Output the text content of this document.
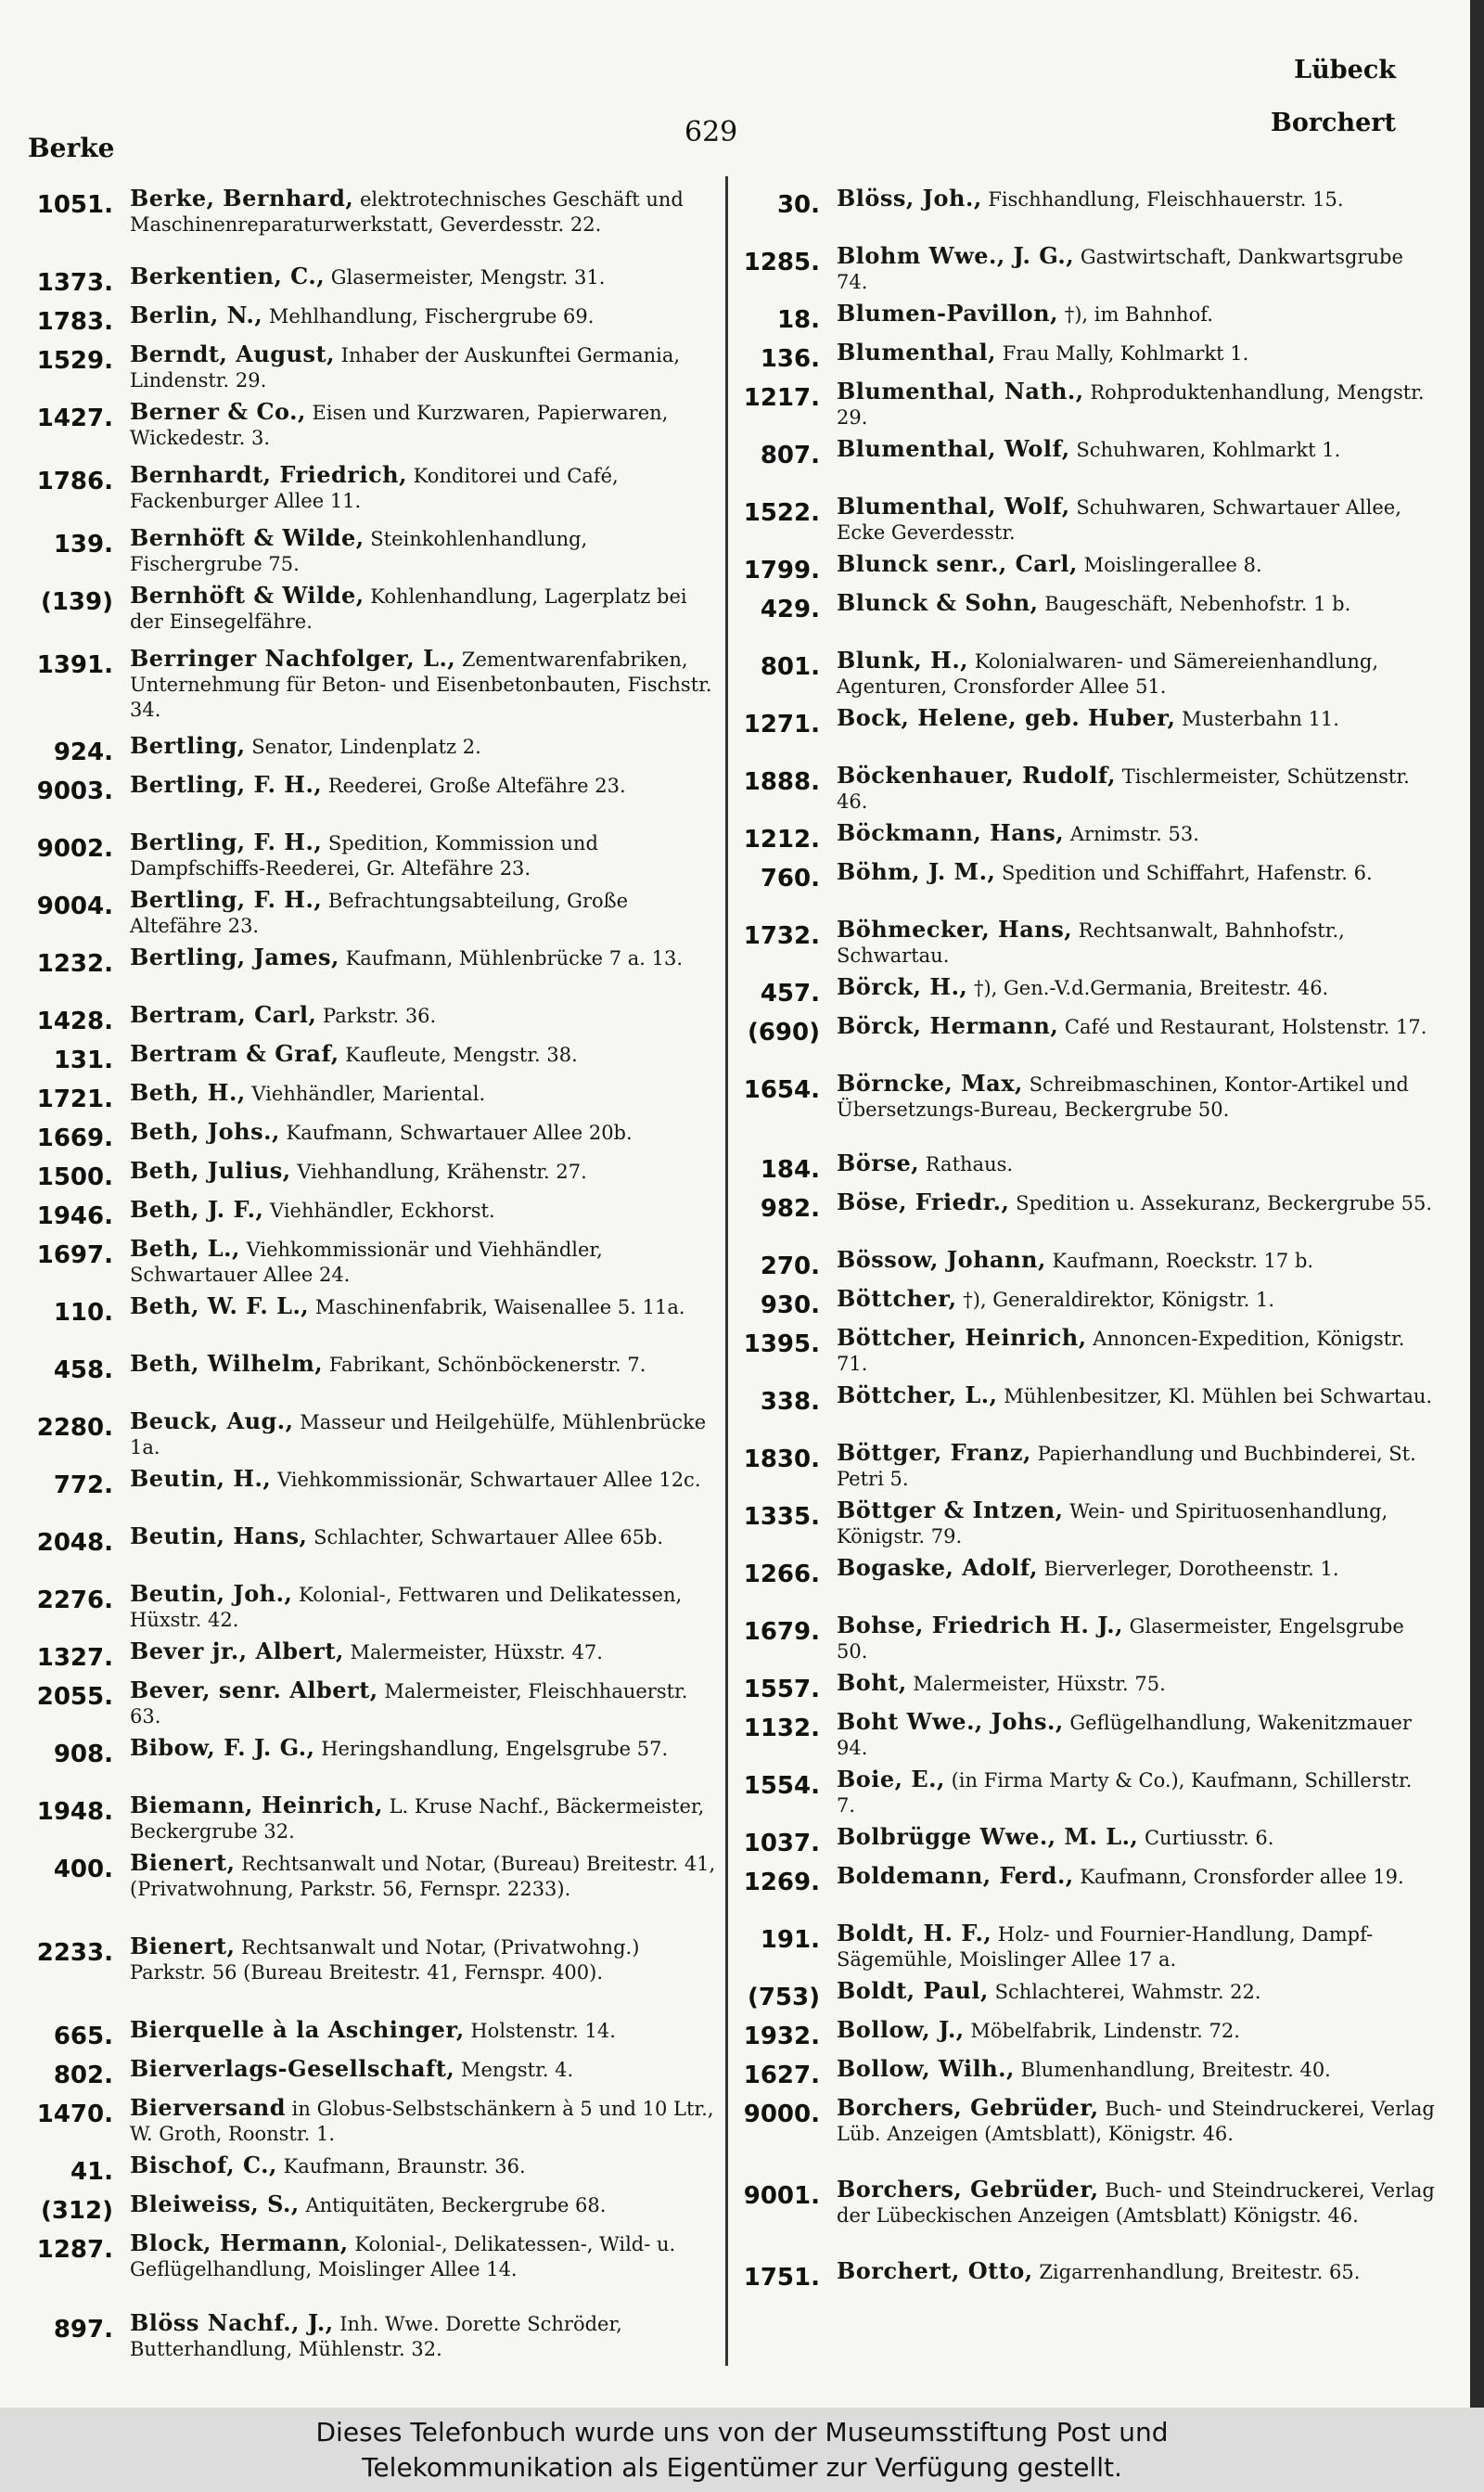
Berke	629
Lübeck
Borchert
1051. Berke, Bernhard, elektrotechnisches Geschäft und Maschinenreparaturwerkstatt, Geverdesstr. 22.
1373. Berkentien, C., Glasermeister, Mengstr. 31.
1783. Berlin, N., Mehlhandlung, Fischergrube 69.
1529. Berndt, August, Inhaber der Auskunftei Germania, Lindenstr. 29.
1427. Berner & Co., Eisen und Kurzwaren, Papierwaren, Wickedestr. 3.
1786. Bernhardt, Friedrich, Konditorei und Café, Fackenburger Allee 11.
139. Bernhöft & Wilde, Steinkohlenhandlung, Fischergrube 75.
(139) Bernhöft & Wilde, Kohlenhandlung, Lagerplatz bei der Einsegelfähre.
1391. Berringer Nachfolger, L., Zementwarenfabriken, Unternehmung für Beton- und Eisenbetonbauten, Fischstr. 34.
924. Bertling, Senator, Lindenplatz 2.
9003. Bertling, F. H., Reederei, Große Altefähre 23.
9002. Bertling, F. H., Spedition, Kommission und Dampfschiffs-Reederei, Gr. Altefähre 23.
9004. Bertling, F. H., Befrachtungsabteilung, Große Altefähre 23.
1232. Bertling, James, Kaufmann, Mühlenbrücke 7 a. 13.
1428. Bertram, Carl, Parkstr. 36.
131. Bertram & Graf, Kaufleute, Mengstr. 38.
1721. Beth, H., Viehhändler, Mariental.
1669. Beth, Johs., Kaufmann, Schwartauer Allee 20b.
1500. Beth, Julius, Viehhandlung, Krähenstr. 27.
1946. Beth, J. F., Viehhändler, Eckhorst.
1697. Beth, L., Viehkommissionär und Viehhändler, Schwartauer Allee 24.
110. Beth, W. F. L., Maschinenfabrik, Waisenallee 5. 11a.
458. Beth, Wilhelm, Fabrikant, Schönböckenerstr. 7.
2280. Beuck, Aug., Masseur und Heilgehülfe, Mühlenbrücke 1a.
772. Beutin, H., Viehkommissionär, Schwartauer Allee 12c.
2048. Beutin, Hans, Schlachter, Schwartauer Allee 65b.
2276. Beutin, Joh., Kolonial-, Fettwaren und Delikatessen, Hüxstr. 42.
1327. Bever jr., Albert, Malermeister, Hüxstr. 47.
2055. Bever, senr. Albert, Malermeister, Fleischhauerstr. 63.
908. Bibow, F. J. G., Heringshandlung, Engelsgrube 57.
1948. Biemann, Heinrich, L. Kruse Nachf., Bäckermeister, Beckergrube 32.
400. Bienert, Rechtsanwalt und Notar, (Bureau) Breitestr. 41, (Privatwohnung, Parkstr. 56, Fernspr. 2233).
2233. Bienert, Rechtsanwalt und Notar, (Privatwohng.) Parkstr. 56 (Bureau Breitestr. 41, Fernspr. 400).
665. Bierquelle à la Aschinger, Holstenstr. 14.
802. Bierverlags-Gesellschaft, Mengstr. 4.
1470. Bierversand in Globus-Selbstschänkern à 5 und 10 Ltr., W. Groth, Roonstr. 1.
41. Bischof, C., Kaufmann, Braunstr. 36.
(312) Bleiweiss, S., Antiquitäten, Beckergrube 68.
1287. Block, Hermann, Kolonial-, Delikatessen-, Wild- u. Geflügelhandlung, Moislinger Allee 14.
897. Blöss Nachf., J., Inh. Wwe. Dorette Schröder, Butterhandlung, Mühlenstr. 32.
30. Blöss, Joh., Fischhandlung, Fleischhauerstr. 15.
1285. Blohm Wwe., J. G., Gastwirtschaft, Dankwartsgrube 74.
18. Blumen-Pavillon, †), im Bahnhof.
136. Blumenthal, Frau Mally, Kohlmarkt 1.
1217. Blumenthal, Nath., Rohproduktenhandlung, Mengstr. 29.
807. Blumenthal, Wolf, Schuhwaren, Kohlmarkt 1.
1522. Blumenthal, Wolf, Schuhwaren, Schwartauer Allee, Ecke Geverdesstr.
1799. Blunck senr., Carl, Moislingerallee 8.
429. Blunck & Sohn, Baugeschäft, Nebenhofstr. 1 b.
801. Blunk, H., Kolonialwaren- und Sämereienhandlung, Agenturen, Cronsforder Allee 51.
1271. Bock, Helene, geb. Huber, Musterbahn 11.
1888. Böckenhauer, Rudolf, Tischlermeister, Schützenstr. 46.
1212. Böckmann, Hans, Arnimstr. 53.
760. Böhm, J. M., Spedition und Schiffahrt, Hafenstr. 6.
1732. Böhmecker, Hans, Rechtsanwalt, Bahnhofstr., Schwartau.
457. Börck, H., †), Gen.-V.d.Germania, Breitestr. 46.
(690) Börck, Hermann, Café und Restaurant, Holstenstr. 17.
1654. Börncke, Max, Schreibmaschinen, Kontor-Artikel und Übersetzungs-Bureau, Beckergrube 50.
184. Börse, Rathaus.
982. Böse, Friedr., Spedition u. Assekuranz, Beckergrube 55.
270. Bössow, Johann, Kaufmann, Roeckstr. 17 b.
930. Böttcher, †), Generaldirektor, Königstr. 1.
1395. Böttcher, Heinrich, Annoncen-Expedition, Königstr. 71.
338. Böttcher, L., Mühlenbesitzer, Kl. Mühlen bei Schwartau.
1830. Böttger, Franz, Papierhandlung und Buchbinderei, St. Petri 5.
1335. Böttger & Intzen, Wein- und Spirituosenhandlung, Königstr. 79.
1266. Bogaske, Adolf, Bierverleger, Dorotheenstr. 1.
1679. Bohse, Friedrich H. J., Glasermeister, Engelsgrube 50.
1557. Boht, Malermeister, Hüxstr. 75.
1132. Boht Wwe., Johs., Geflügelhandlung, Wakenitzmauer 94.
1554. Boie, E., (in Firma Marty & Co.), Kaufmann, Schillerstr. 7.
1037. Bolbrügge Wwe., M. L., Curtiusstr. 6.
1269. Boldemann, Ferd., Kaufmann, Cronsforder allee 19.
191. Boldt, H. F., Holz- und Fournier-Handlung, Dampf-Sägemühle, Moislinger Allee 17 a.
(753) Boldt, Paul, Schlachterei, Wahmstr. 22.
1932. Bollow, J., Möbelfabrik, Lindenstr. 72.
1627. Bollow, Wilh., Blumenhandlung, Breitestr. 40.
9000. Borchers, Gebrüder, Buch- und Steindruckerei, Verlag Lüb. Anzeigen (Amtsblatt), Königstr. 46.
9001. Borchers, Gebrüder, Buch- und Steindruckerei, Verlag der Lübeckischen Anzeigen (Amtsblatt) Königstr. 46.
1751. Borchert, Otto, Zigarrenhandlung, Breitestr. 65.
Dieses Telefonbuch wurde uns von der Museumsstiftung Post und
Telekommunikation als Eigentümer zur Verfügung gestellt.
